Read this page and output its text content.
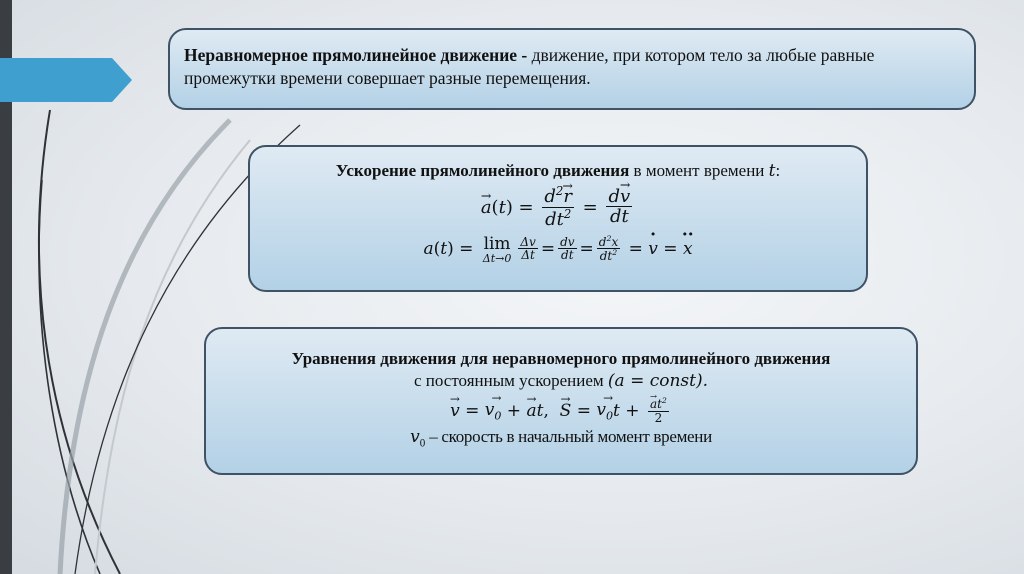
Неравномерное прямолинейное движение - движение, при котором тело за любые равные промежутки времени совершает разные перемещения.
Ускорение прямолинейного движения в момент времени t:
→ a ( t ) = $\frac{d^2\to r}{dt^2} = \frac{d\to v}{dt}$
a ( t ) = lim
$\Delta t\to 0 \frac{\Delta v}{\Delta t} = \frac{dv}{dt} = \frac{d^2x}{dt^2}$ = · v = ·· x
Уравнения движения для неравномерного прямолинейного движения
с постоянным ускорением (a = const).
→ v = → $v_0$ + → a t , → S = → $v_0$ t + → $\frac{at^2}{2}$
$v_0$ – скорость в начальный момент времени
